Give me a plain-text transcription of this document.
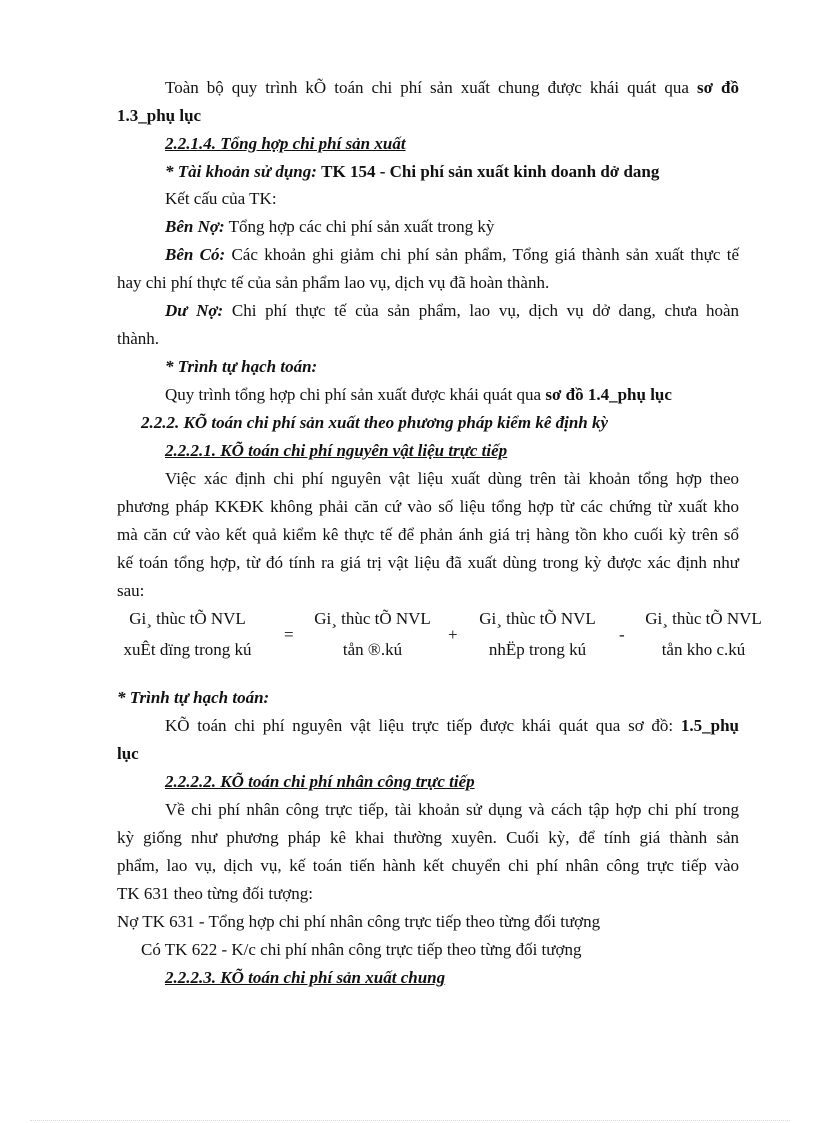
Toàn bộ quy trình kÕ toán chi phí sản xuất chung được khái quát qua sơ đồ
1.3_phụ lục
2.2.1.4. Tổng hợp chi phí sản xuất
* Tài khoản sử dụng: TK 154 - Chi phí sản xuất kinh doanh dở dang
Kết cấu của TK:
Bên Nợ: Tổng hợp các chi phí sản xuất trong kỳ
Bên Có: Các khoản ghi giảm chi phí sản phẩm, Tổng giá thành sản xuất thực tế
hay chi phí thực tế của sản phẩm lao vụ, dịch vụ đã hoàn thành.
Dư Nợ: Chi phí thực tế của sản phẩm, lao vụ, dịch vụ dở dang, chưa hoàn
thành.
* Trình tự hạch toán:
Quy trình tổng hợp chi phí sản xuất được khái quát qua sơ đồ 1.4_phụ lục
2.2.2. KÕ toán chi phí sản xuất theo phương pháp kiểm kê định kỳ
2.2.2.1. KÕ toán chi phí nguyên vật liệu trực tiếp
Việc xác định chi phí nguyên vật liệu xuất dùng trên tài khoản tổng hợp theo
phương pháp KKĐK không phải căn cứ vào số liệu tổng hợp từ các chứng từ xuất kho
mà căn cứ vào kết quả kiểm kê thực tế để phản ánh giá trị hàng tồn kho cuối kỳ trên sổ
kế toán tổng hợp, từ đó tính ra giá trị vật liệu đã xuất dùng trong kỳ được xác định như
sau:
Gi¸ thùc tÕ NVL
xuÊt dïng trong kú
=
Gi¸ thùc tÕ NVL
tån ®.kú
+
Gi¸ thùc tÕ NVL
nhËp trong kú
-
Gi¸ thùc tÕ NVL
tån kho c.kú
* Trình tự hạch toán:
KÕ toán chi phí nguyên vật liệu trực tiếp được khái quát qua sơ đồ: 1.5_phụ
lục
2.2.2.2. KÕ toán chi phí nhân công trực tiếp
Về chi phí nhân công trực tiếp, tài khoản sử dụng và cách tập hợp chi phí trong
kỳ giống như phương pháp kê khai thường xuyên. Cuối kỳ, để tính giá thành sản
phẩm, lao vụ, dịch vụ, kế toán tiến hành kết chuyển chi phí nhân công trực tiếp vào
TK 631 theo từng đối tượng:
Nợ TK 631 - Tổng hợp chi phí nhân công trực tiếp theo từng đối tượng
Có TK 622 - K/c chi phí nhân công trực tiếp theo từng đối tượng
2.2.2.3. KÕ toán chi phí sản xuất chung
